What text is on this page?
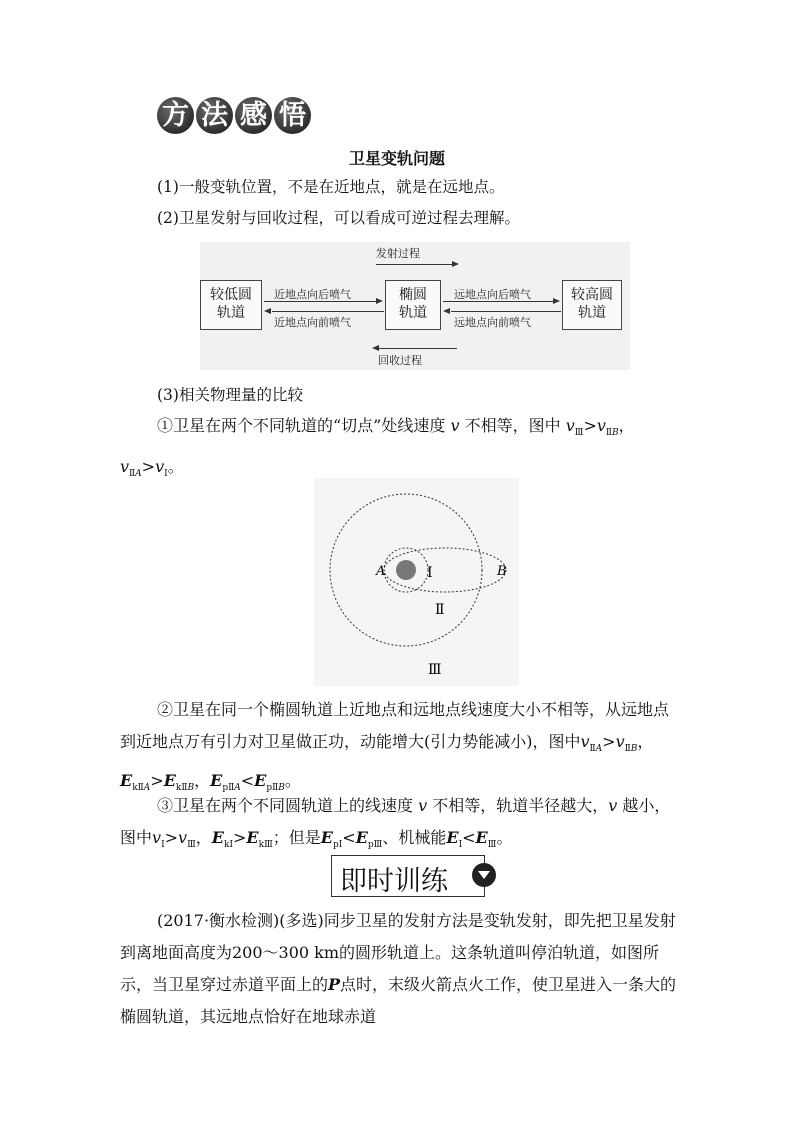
方 法 感 悟
卫星变轨问题
(1)一般变轨位置，不是在近地点，就是在远地点。
(2)卫星发射与回收过程，可以看成可逆过程去理解。
发射过程
较低圆
轨道
椭圆
轨道
较高圆
轨道
近地点向后喷气
近地点向前喷气
远地点向后喷气
远地点向前喷气
回收过程
(3)相关物理量的比较
①卫星在两个不同轨道的“切点”处线速度 v 不相等，图中 $v_Ⅲ>v_{ⅡB}$，$v_{ⅡA}>v_Ⅰ$。
A	Ⅰ	B
Ⅱ
Ⅲ
②卫星在同一个椭圆轨道上近地点和远地点线速度大小不相等，从远地点到近地点万有引力对卫星做正功，动能增大(引力势能减小)，图中$v_{ⅡA}>v_{ⅡB}$，$E_{kⅡA}>E_{kⅡB}$，$E_{pⅡA}<E_{pⅡB}$。
③卫星在两个不同圆轨道上的线速度 v 不相等，轨道半径越大，v 越小，图中$v_Ⅰ>v_Ⅲ$，$E_{kⅠ}>E_{kⅢ}$；但是$E_{pⅠ}<E_{pⅢ}$、机械能$E_Ⅰ<E_Ⅲ$。
即时训练
(2017·衡水检测)(多选)同步卫星的发射方法是变轨发射，即先把卫星发射到离地面高度为200～300 km的圆形轨道上。这条轨道叫停泊轨道，如图所示，当卫星穿过赤道平面上的P点时，末级火箭点火工作，使卫星进入一条大的椭圆轨道，其远地点恰好在地球赤道
